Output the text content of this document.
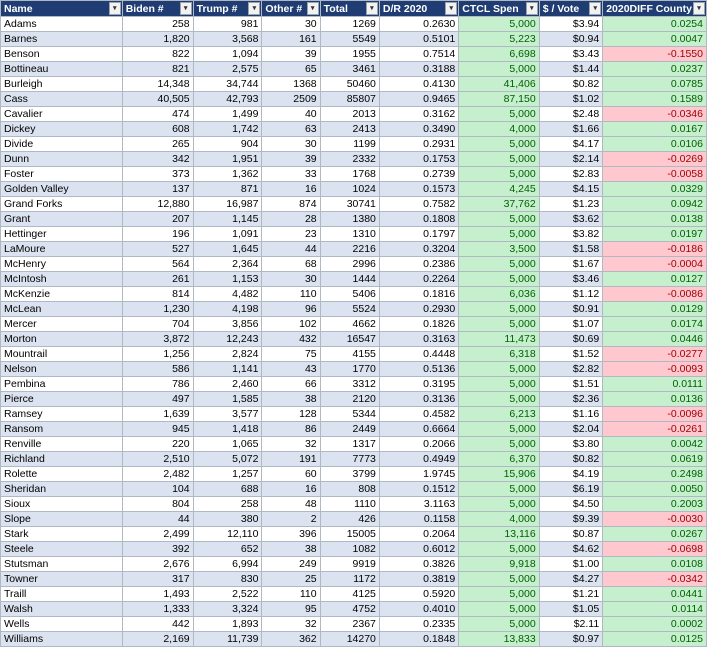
Name ▾	Biden # ▾	Trump # ▾	Other # ▾	Total ▾	D/R 2020 ▾	CTCL Spen ▾	$ / Vote ▾	2020DIFF County ▾

Adams	258	981	30	1269	0.2630	5,000	$3.94	0.0254
Barnes	1,820	3,568	161	5549	0.5101	5,223	$0.94	0.0047
Benson	822	1,094	39	1955	0.7514	6,698	$3.43	-0.1550
Bottineau	821	2,575	65	3461	0.3188	5,000	$1.44	0.0237
Burleigh	14,348	34,744	1368	50460	0.4130	41,406	$0.82	0.0785
Cass	40,505	42,793	2509	85807	0.9465	87,150	$1.02	0.1589
Cavalier	474	1,499	40	2013	0.3162	5,000	$2.48	-0.0346
Dickey	608	1,742	63	2413	0.3490	4,000	$1.66	0.0167
Divide	265	904	30	1199	0.2931	5,000	$4.17	0.0106
Dunn	342	1,951	39	2332	0.1753	5,000	$2.14	-0.0269
Foster	373	1,362	33	1768	0.2739	5,000	$2.83	-0.0058
Golden Valley	137	871	16	1024	0.1573	4,245	$4.15	0.0329
Grand Forks	12,880	16,987	874	30741	0.7582	37,762	$1.23	0.0942
Grant	207	1,145	28	1380	0.1808	5,000	$3.62	0.0138
Hettinger	196	1,091	23	1310	0.1797	5,000	$3.82	0.0197
LaMoure	527	1,645	44	2216	0.3204	3,500	$1.58	-0.0186
McHenry	564	2,364	68	2996	0.2386	5,000	$1.67	-0.0004
McIntosh	261	1,153	30	1444	0.2264	5,000	$3.46	0.0127
McKenzie	814	4,482	110	5406	0.1816	6,036	$1.12	-0.0086
McLean	1,230	4,198	96	5524	0.2930	5,000	$0.91	0.0129
Mercer	704	3,856	102	4662	0.1826	5,000	$1.07	0.0174
Morton	3,872	12,243	432	16547	0.3163	11,473	$0.69	0.0446
Mountrail	1,256	2,824	75	4155	0.4448	6,318	$1.52	-0.0277
Nelson	586	1,141	43	1770	0.5136	5,000	$2.82	-0.0093
Pembina	786	2,460	66	3312	0.3195	5,000	$1.51	0.0111
Pierce	497	1,585	38	2120	0.3136	5,000	$2.36	0.0136
Ramsey	1,639	3,577	128	5344	0.4582	6,213	$1.16	-0.0096
Ransom	945	1,418	86	2449	0.6664	5,000	$2.04	-0.0261
Renville	220	1,065	32	1317	0.2066	5,000	$3.80	0.0042
Richland	2,510	5,072	191	7773	0.4949	6,370	$0.82	0.0619
Rolette	2,482	1,257	60	3799	1.9745	15,906	$4.19	0.2498
Sheridan	104	688	16	808	0.1512	5,000	$6.19	0.0050
Sioux	804	258	48	1110	3.1163	5,000	$4.50	0.2003
Slope	44	380	2	426	0.1158	4,000	$9.39	-0.0030
Stark	2,499	12,110	396	15005	0.2064	13,116	$0.87	0.0267
Steele	392	652	38	1082	0.6012	5,000	$4.62	-0.0698
Stutsman	2,676	6,994	249	9919	0.3826	9,918	$1.00	0.0108
Towner	317	830	25	1172	0.3819	5,000	$4.27	-0.0342
Traill	1,493	2,522	110	4125	0.5920	5,000	$1.21	0.0441
Walsh	1,333	3,324	95	4752	0.4010	5,000	$1.05	0.0114
Wells	442	1,893	32	2367	0.2335	5,000	$2.11	0.0002
Williams	2,169	11,739	362	14270	0.1848	13,833	$0.97	0.0125
